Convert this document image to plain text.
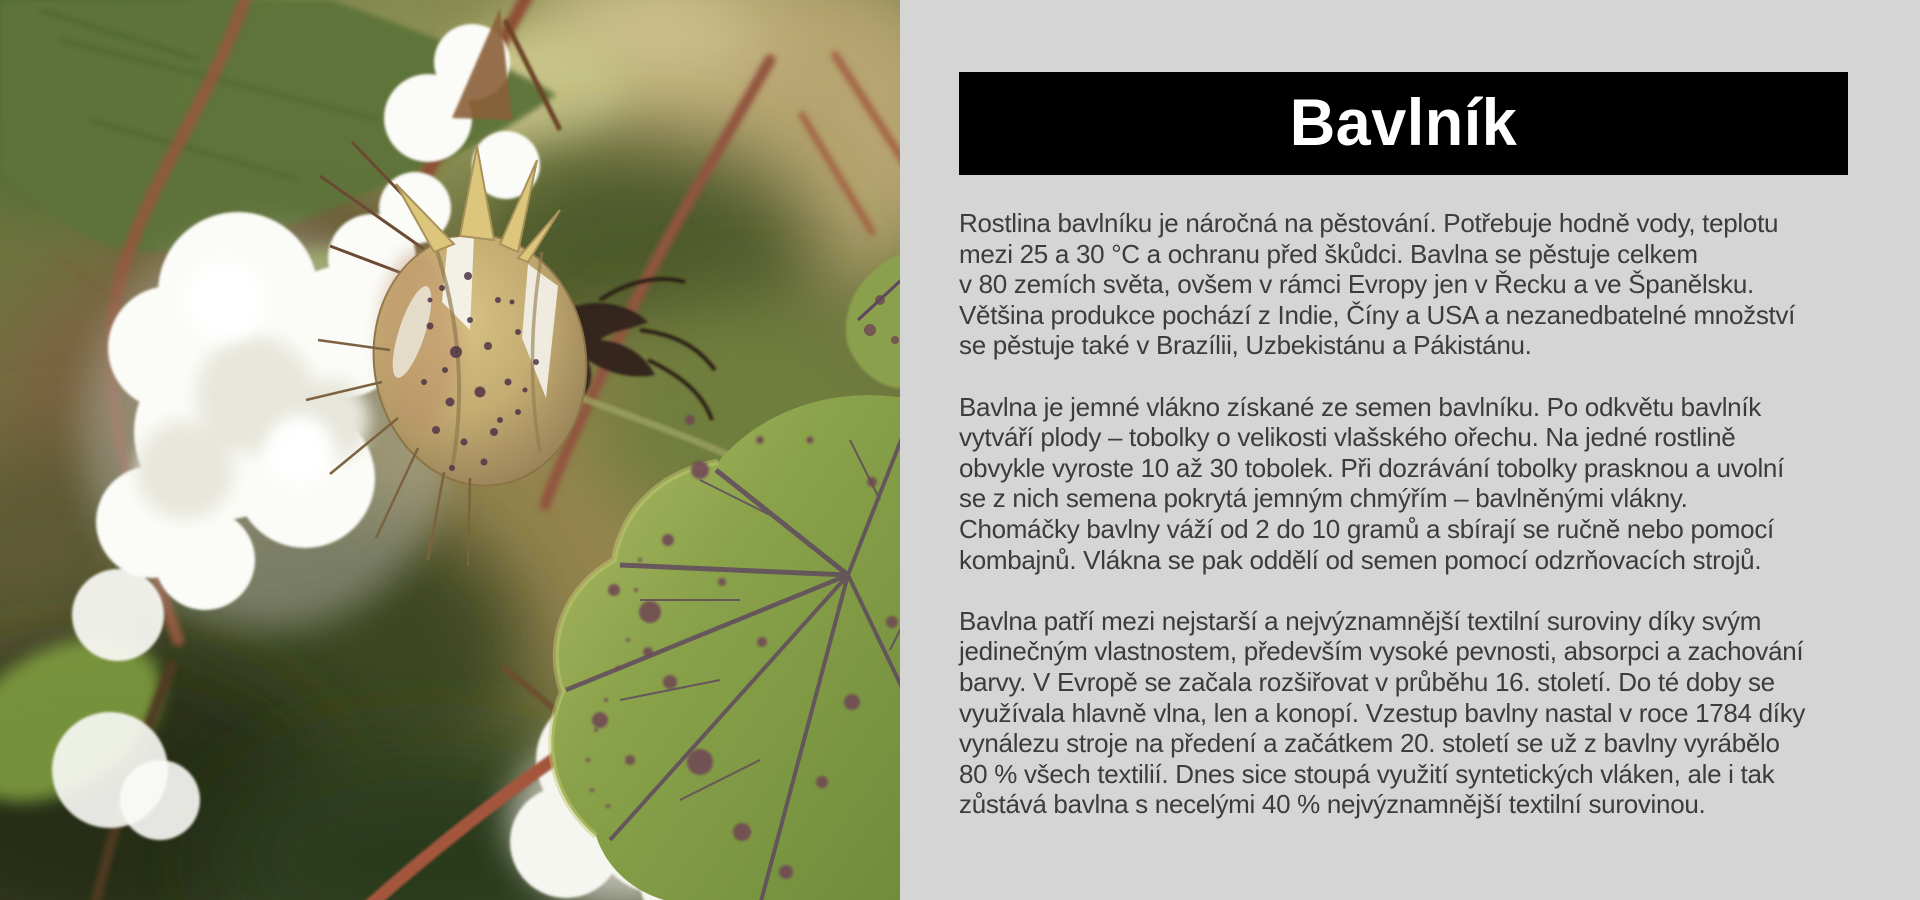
Bavlník
Rostlina bavlníku je náročná na pěstování. Potřebuje hodně vody, teplotu
mezi 25 a 30 °C a ochranu před škůdci. Bavlna se pěstuje celkem
v 80 zemích světa, ovšem v rámci Evropy jen v Řecku a ve Španělsku.
Většina produkce pochází z Indie, Číny a USA a nezanedbatelné množství
se pěstuje také v Brazílii, Uzbekistánu a Pákistánu.
Bavlna je jemné vlákno získané ze semen bavlníku. Po odkvětu bavlník
vytváří plody – tobolky o velikosti vlašského ořechu. Na jedné rostlině
obvykle vyroste 10 až 30 tobolek. Při dozrávání tobolky prasknou a uvolní
se z nich semena pokrytá jemným chmýřím – bavlněnými vlákny.
Chomáčky bavlny váží od 2 do 10 gramů a sbírají se ručně nebo pomocí
kombajnů. Vlákna se pak oddělí od semen pomocí odzrňovacích strojů.
Bavlna patří mezi nejstarší a nejvýznamnější textilní suroviny díky svým
jedinečným vlastnostem, především vysoké pevnosti, absorpci a zachování
barvy. V Evropě se začala rozšiřovat v průběhu 16. století. Do té doby se
využívala hlavně vlna, len a konopí. Vzestup bavlny nastal v roce 1784 díky
vynálezu stroje na předení a začátkem 20. století se už z bavlny vyrábělo
80 % všech textilií. Dnes sice stoupá využití syntetických vláken, ale i tak
zůstává bavlna s necelými 40 % nejvýznamnější textilní surovinou.
